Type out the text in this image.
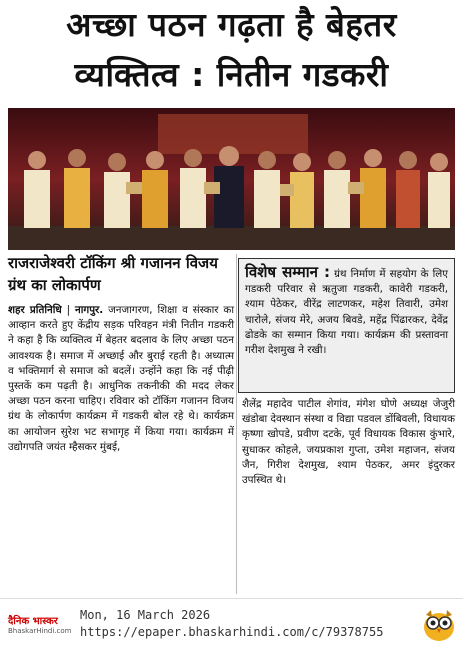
अच्छा पठन गढ़ता है बेहतर
व्यक्तित्व : नितीन गडकरी
राजराजेश्वरी टॉकिंग श्री गजानन विजय ग्रंथ का लोकार्पण
शहर प्रतिनिधि | नागपुर. जनजागरण, शिक्षा व संस्कार का आव्हान करते हुए केंद्रीय सड़क परिवहन मंत्री नितीन गडकरी ने कहा है कि व्यक्तित्व में बेहतर बदलाव के लिए अच्छा पठन आवश्यक है। समाज में अच्छाई और बुराई रहती है। अध्यात्म व भक्तिमार्ग से समाज को बदलें। उन्होंने कहा कि नई पीढ़ी पुस्तकें कम पढ़ती है। आधुनिक तकनीकी की मदद लेकर अच्छा पठन करना चाहिए। रविवार को टॉकिंग गजानन विजय ग्रंथ के लोकार्पण कार्यक्रम में गडकरी बोल रहे थे। कार्यक्रम का आयोजन सुरेश भट सभागृह में किया गया। कार्यक्रम में उद्योगपति जयंत म्हैसकर मुंबई,
विशेष सम्मान : ग्रंथ निर्माण में सहयोग के लिए गडकरी परिवार से ऋतुजा गडकरी, कावेरी गडकरी, श्याम पेठेकर, वीरेंद्र लाटणकर, महेश तिवारी, उमेश चारोले, संजय मेरे, अजय बिवडे, महेंद्र पिंढारकर, देवेंद्र ढोडके का सम्मान किया गया। कार्यक्रम की प्रस्तावना गरीश देशमुख ने रखी।
शैलेंद्र महादेव पाटील शेगांव, मंगेश घोणे अध्यक्ष जेजुरी खंडोबा देवस्थान संस्था व विद्या पडवल डोंबिवली, विधायक कृष्णा खोपडे, प्रवीण दटके, पूर्व विधायक विकास कुंभारे, सुधाकर कोहले, जयप्रकाश गुप्ता, उमेश महाजन, संजय जैन, गिरीश देशमुख, श्याम पेठकर, अमर इंदुरकर उपस्थित थे।
दैनिक भास्कर
BhaskarHindi.com
Mon, 16 March 2026
https://epaper.bhaskarhindi.com/c/79378755
